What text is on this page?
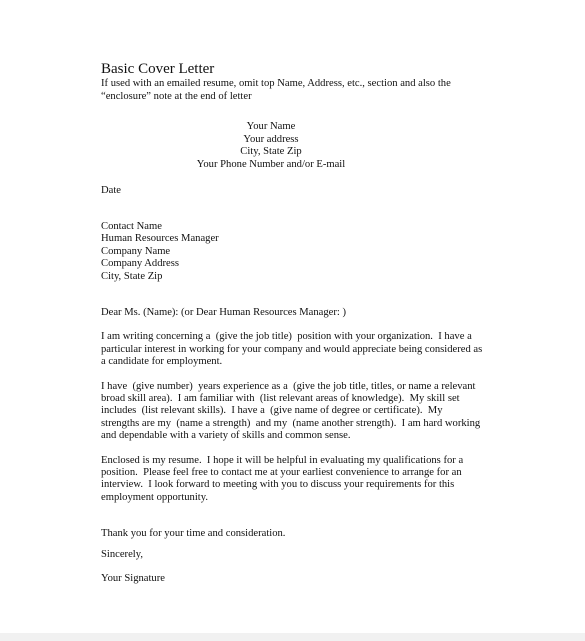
Basic Cover Letter

If used with an emailed resume, omit top Name, Address, etc., section and also the
“enclosure” note at the end of letter

Your Name
Your address
City, State Zip
Your Phone Number and/or E-mail
Date
Contact Name
Human Resources Manager
Company Name
Company Address
City, State Zip
Dear Ms. (Name): (or Dear Human Resources Manager: )
I am writing concerning a  (give the job title)  position with your organization.  I have a
particular interest in working for your company and would appreciate being considered as
a candidate for employment.
I have  (give number)  years experience as a  (give the job title, titles, or name a relevant
broad skill area).  I am familiar with  (list relevant areas of knowledge).  My skill set
includes  (list relevant skills).  I have a  (give name of degree or certificate).  My
strengths are my  (name a strength)  and my  (name another strength).  I am hard working
and dependable with a variety of skills and common sense.
Enclosed is my resume.  I hope it will be helpful in evaluating my qualifications for a
position.  Please feel free to contact me at your earliest convenience to arrange for an
interview.  I look forward to meeting with you to discuss your requirements for this
employment opportunity.
Thank you for your time and consideration.
Sincerely,
Your Signature
